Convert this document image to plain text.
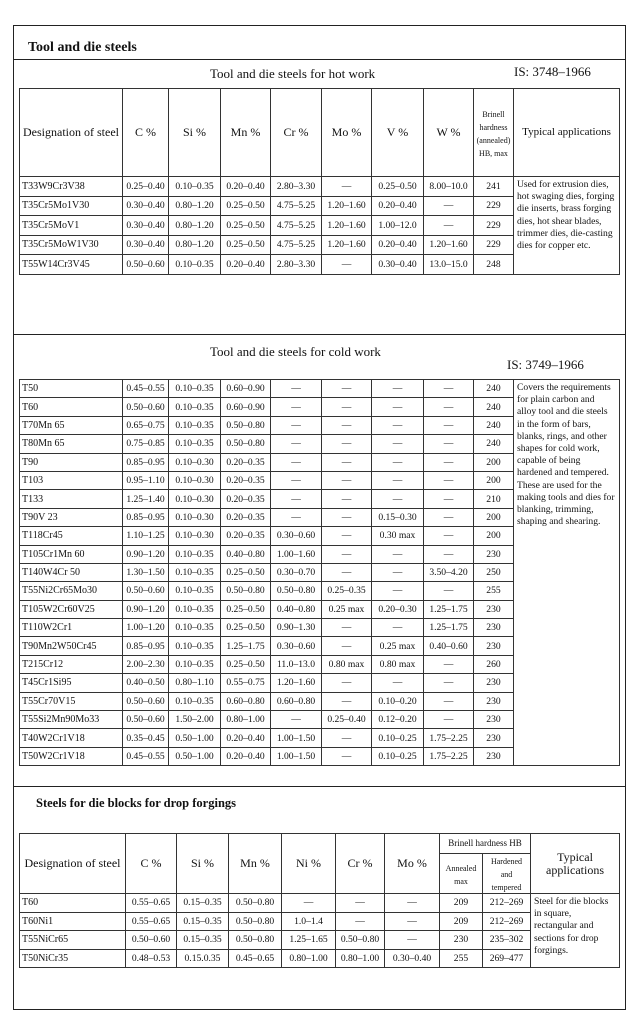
Tool and die steels
Tool and die steels for hot work	IS: 3748–1966
Designation of steel	C %	Si %	Mn %	Cr %	Mo %	V %	W %	Brinell hardness (annealed) HB, max	Typical applications
T33W9Cr3V38	0.25–0.40	0.10–0.35	0.20–0.40	2.80–3.30	—	0.25–0.50	8.00–10.0	241	Used for extrusion dies, hot swaging dies, forging die inserts, brass forging dies, hot shear blades, trimmer dies, die-casting dies for copper etc.
T35Cr5Mo1V30	0.30–0.40	0.80–1.20	0.25–0.50	4.75–5.25	1.20–1.60	0.20–0.40	—	229	
T35Cr5MoV1	0.30–0.40	0.80–1.20	0.25–0.50	4.75–5.25	1.20–1.60	1.00–12.0	—	229	
T35Cr5MoW1V30	0.30–0.40	0.80–1.20	0.25–0.50	4.75–5.25	1.20–1.60	0.20–0.40	1.20–1.60	229	
T55W14Cr3V45	0.50–0.60	0.10–0.35	0.20–0.40	2.80–3.30	—	0.30–0.40	13.0–15.0	248	
Tool and die steels for cold work
IS: 3749–1966
T50	0.45–0.55	0.10–0.35	0.60–0.90	—	—	—	—	240	Covers the requirements for plain carbon and alloy tool and die steels in the form of bars, blanks, rings, and other shapes for cold work, capable of being hardened and tempered. These are used for the making tools and dies for blanking, trimming, shaping and shearing.
T60	0.50–0.60	0.10–0.35	0.60–0.90	—	—	—	—	240	
T70Mn 65	0.65–0.75	0.10–0.35	0.50–0.80	—	—	—	—	240	
T80Mn 65	0.75–0.85	0.10–0.35	0.50–0.80	—	—	—	—	240	
T90	0.85–0.95	0.10–0.30	0.20–0.35	—	—	—	—	200	
T103	0.95–1.10	0.10–0.30	0.20–0.35	—	—	—	—	200	
T133	1.25–1.40	0.10–0.30	0.20–0.35	—	—	—	—	210	
T90V 23	0.85–0.95	0.10–0.30	0.20–0.35	—	—	0.15–0.30	—	200	
T118Cr45	1.10–1.25	0.10–0.30	0.20–0.35	0.30–0.60	—	0.30 max	—	200	
T105Cr1Mn 60	0.90–1.20	0.10–0.35	0.40–0.80	1.00–1.60	—	—	—	230	
T140W4Cr 50	1.30–1.50	0.10–0.35	0.25–0.50	0.30–0.70	—	—	3.50–4.20	250	
T55Ni2Cr65Mo30	0.50–0.60	0.10–0.35	0.50–0.80	0.50–0.80	0.25–0.35	—	—	255	
T105W2Cr60V25	0.90–1.20	0.10–0.35	0.25–0.50	0.40–0.80	0.25 max	0.20–0.30	1.25–1.75	230	
T110W2Cr1	1.00–1.20	0.10–0.35	0.25–0.50	0.90–1.30	—	—	1.25–1.75	230	
T90Mn2W50Cr45	0.85–0.95	0.10–0.35	1.25–1.75	0.30–0.60	—	0.25 max	0.40–0.60	230	
T215Cr12	2.00–2.30	0.10–0.35	0.25–0.50	11.0–13.0	0.80 max	0.80 max	—	260	
T45Cr1Si95	0.40–0.50	0.80–1.10	0.55–0.75	1.20–1.60	—	—	—	230	
T55Cr70V15	0.50–0.60	0.10–0.35	0.60–0.80	0.60–0.80	—	0.10–0.20	—	230	
T55Si2Mn90Mo33	0.50–0.60	1.50–2.00	0.80–1.00	—	0.25–0.40	0.12–0.20	—	230	
T40W2Cr1V18	0.35–0.45	0.50–1.00	0.20–0.40	1.00–1.50	—	0.10–0.25	1.75–2.25	230	
T50W2Cr1V18	0.45–0.55	0.50–1.00	0.20–0.40	1.00–1.50	—	0.10–0.25	1.75–2.25	230	
Steels for die blocks for drop forgings
Designation of steel	C %	Si %	Mn %	Ni %	Cr %	Mo %	Brinell hardness HB		Typical applications
							Annealed max	Hardened and tempered	
T60	0.55–0.65	0.15–0.35	0.50–0.80	—	—	—	209	212–269	Steel for die blocks in square, rectangular and sections for drop forgings.
T60Ni1	0.55–0.65	0.15–0.35	0.50–0.80	1.0–1.4	—	—	209	212–269	
T55NiCr65	0.50–0.60	0.15–0.35	0.50–0.80	1.25–1.65	0.50–0.80	—	230	235–302	
T50NiCr35	0.48–0.53	0.15.0.35	0.45–0.65	0.80–1.00	0.80–1.00	0.30–0.40	255	269–477	
